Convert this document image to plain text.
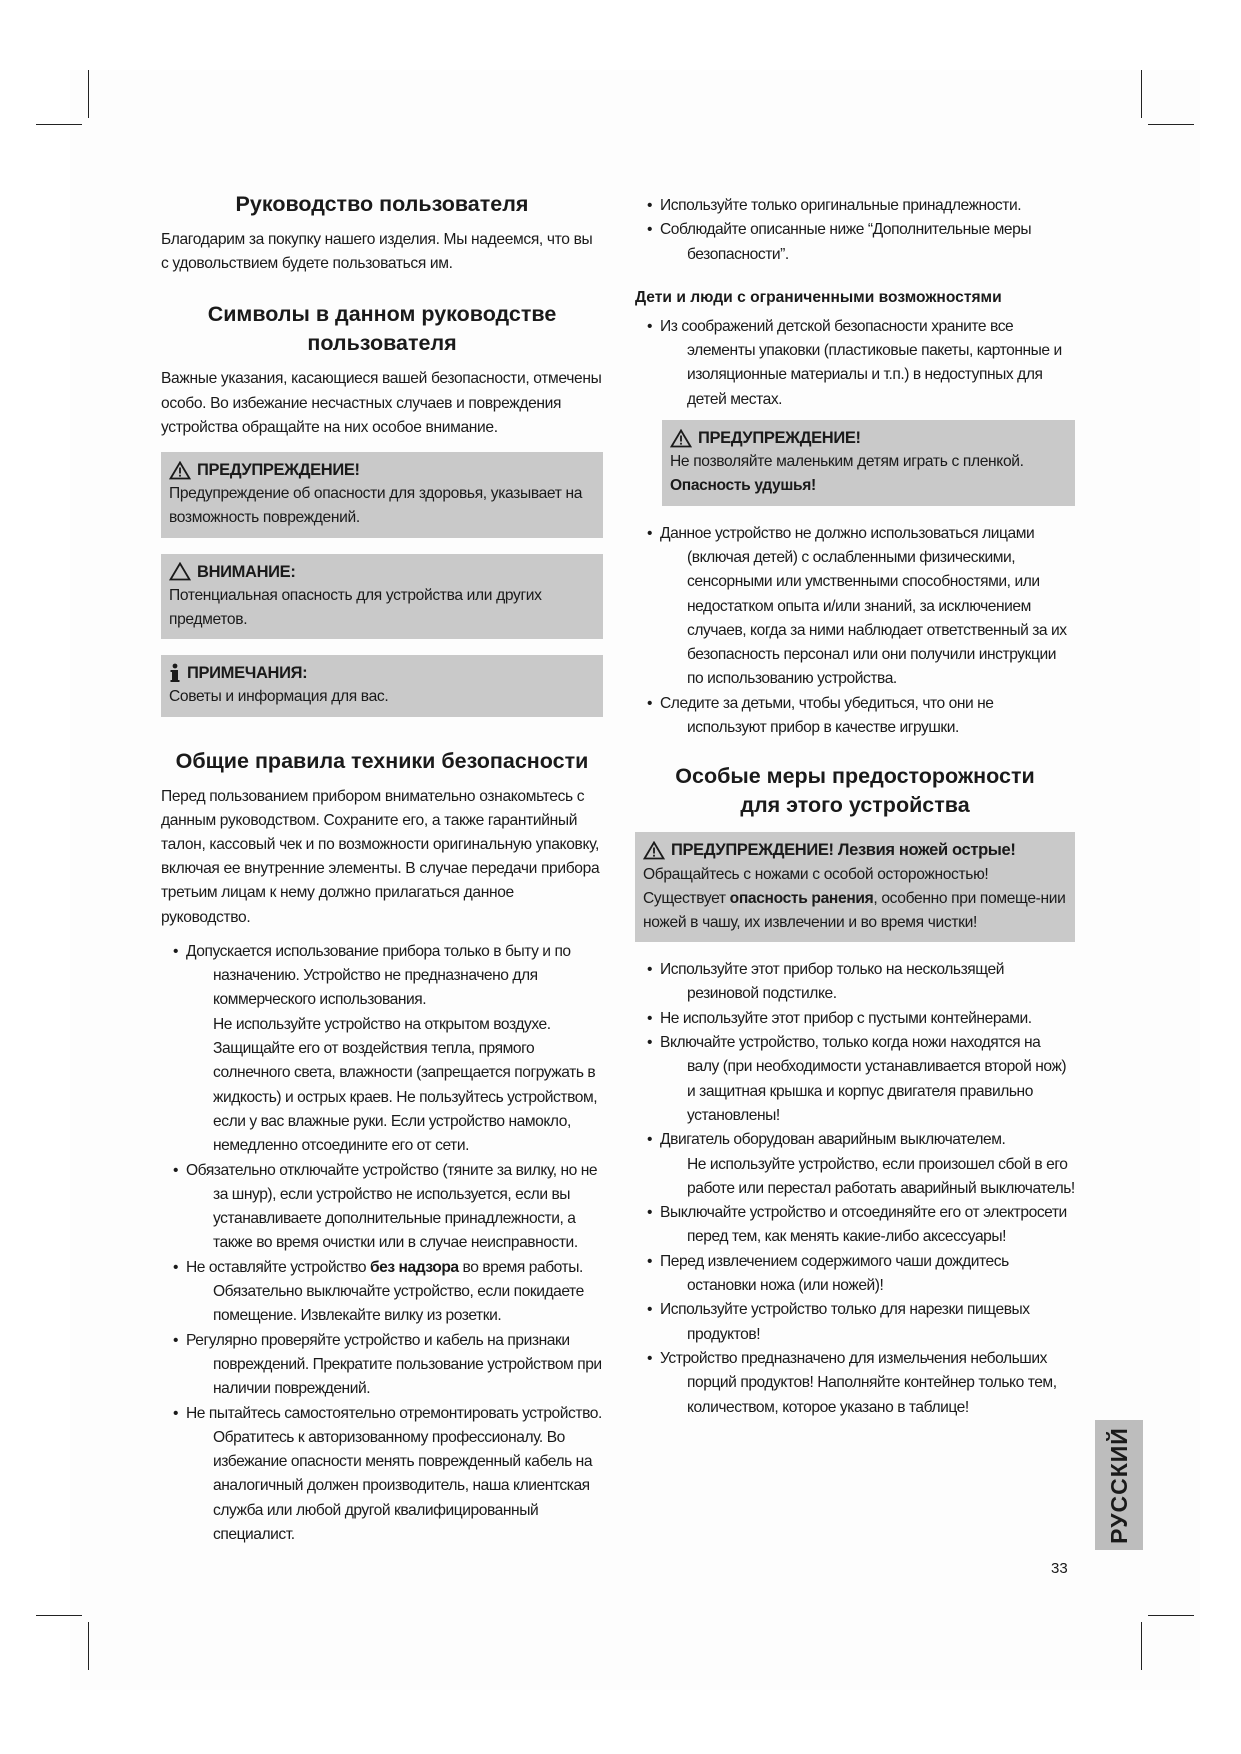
Руководство пользователя

Благодарим за покупку нашего изделия. Мы надеемся, что вы с удовольствием будете пользоваться им.

Символы в данном руководстве пользователя

Важные указания, касающиеся вашей безопасности, отмечены особо. Во избежание несчастных случаев и повреждения устройства обращайте на них особое внимание.

ПРЕДУПРЕЖДЕНИЕ!
Предупреждение об опасности для здоровья, указывает на возможность повреждений.
ВНИМАНИЕ:
Потенциальная опасность для устройства или других предметов.
ПРИМЕЧАНИЯ:
Советы и информация для вас.
Общие правила техники безопасности

Перед пользованием прибором внимательно ознакомьтесь с данным руководством. Сохраните его, а также гарантийный талон, кассовый чек и по возможности оригинальную упаковку, включая ее внутренние элементы. В случае передачи прибора третьим лицам к нему должно прилагаться данное руководство.

• Допускается использование прибора только в быту и по назначению. Устройство не предназначено для коммерческого использования.
Не используйте устройство на открытом воздухе. Защищайте его от воздействия тепла, прямого солнечного света, влажности (запрещается погружать в жидкость) и острых краев. Не пользуйтесь устройством, если у вас влажные руки. Если устройство намокло, немедленно отсоедините его от сети.
• Обязательно отключайте устройство (тяните за вилку, но не за шнур), если устройство не используется, если вы устанавливаете дополнительные принадлежности, а также во время очистки или в случае неисправности.
• Не оставляйте устройство без надзора во время работы. Обязательно выключайте устройство, если покидаете помещение. Извлекайте вилку из розетки.
• Регулярно проверяйте устройство и кабель на признаки повреждений. Прекратите пользование устройством при наличии повреждений.
• Не пытайтесь самостоятельно отремонтировать устройство. Обратитесь к авторизованному профессионалу. Во избежание опасности менять поврежденный кабель на аналогичный должен производитель, наша клиентская служба или любой другой квалифицированный специалист.
• Используйте только оригинальные принадлежности.
• Соблюдайте описанные ниже “Дополнительные меры безопасности”.
Дети и люди с ограниченными возможностями
• Из соображений детской безопасности храните все элементы упаковки (пластиковые пакеты, картонные и изоляционные материалы и т.п.) в недоступных для детей местах.
ПРЕДУПРЕЖДЕНИЕ!
Не позволяйте маленьким детям играть с пленкой.
Опасность удушья!
• Данное устройство не должно использоваться лицами (включая детей) с ослабленными физическими, сенсорными или умственными способностями, или недостатком опыта и/или знаний, за исключением случаев, когда за ними наблюдает ответственный за их безопасность персонал или они получили инструкции по использованию устройства.
• Следите за детьми, чтобы убедиться, что они не используют прибор в качестве игрушки.
Особые меры предосторожности для этого устройства
ПРЕДУПРЕЖДЕНИЕ! Лезвия ножей острые!
Обращайтесь с ножами с особой осторожностью! Существует опасность ранения, особенно при помеще-нии ножей в чашу, их извлечении и во время чистки!
• Используйте этот прибор только на нескользящей резиновой подстилке.
• Не используйте этот прибор с пустыми контейнерами.
• Включайте устройство, только когда ножи находятся на валу (при необходимости устанавливается второй нож) и защитная крышка и корпус двигателя правильно установлены!
• Двигатель оборудован аварийным выключателем.
Не используйте устройство, если произошел сбой в его работе или перестал работать аварийный выключатель!
• Выключайте устройство и отсоединяйте его от электросети перед тем, как менять какие-либо аксессуары!
• Перед извлечением содержимого чаши дождитесь остановки ножа (или ножей)!
• Используйте устройство только для нарезки пищевых продуктов!
• Устройство предназначено для измельчения небольших порций продуктов! Наполняйте контейнер только тем, количеством, которое указано в таблице!
РУССКИЙ
33
